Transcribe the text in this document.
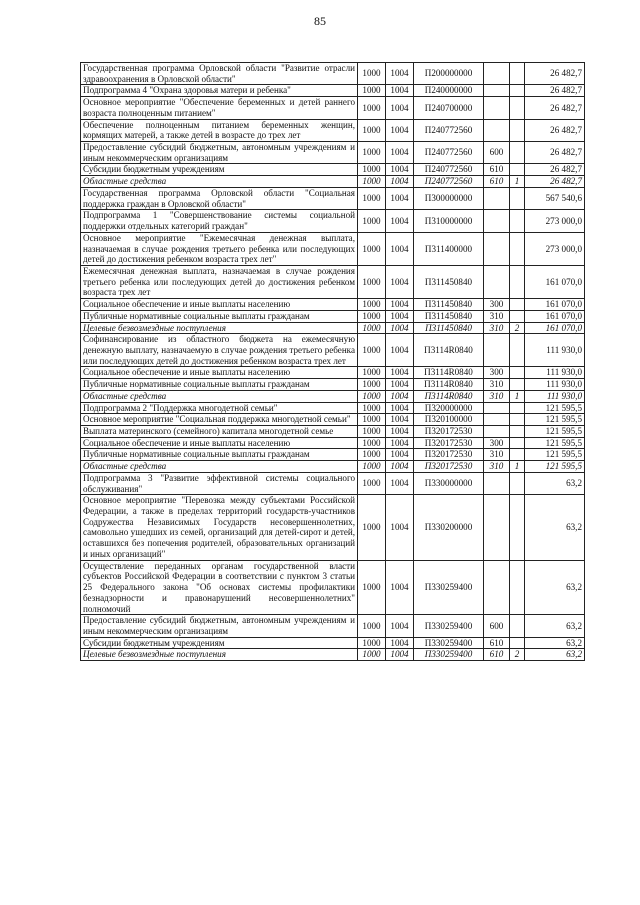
85
Государственная программа Орловской области "Развитие отрасли здравоохранения в Орловской области"	1000	1004	П200000000			26 482,7
Подпрограмма 4 "Охрана здоровья матери и ребенка"	1000	1004	П240000000			26 482,7
Основное мероприятие "Обеспечение беременных и детей раннего возраста полноценным питанием"	1000	1004	П240700000			26 482,7
Обеспечение полноценным питанием беременных женщин, кормящих матерей, а также детей в возрасте до трех лет	1000	1004	П240772560			26 482,7
Предоставление субсидий бюджетным, автономным учреждениям и иным некоммерческим организациям	1000	1004	П240772560	600		26 482,7
Субсидии бюджетным учреждениям	1000	1004	П240772560	610		26 482,7
Областные средства	1000	1004	П240772560	610	1	26 482,7
Государственная программа Орловской области "Социальная поддержка граждан в Орловской области"	1000	1004	П300000000			567 540,6
Подпрограмма 1 "Совершенствование системы социальной поддержки отдельных категорий граждан"	1000	1004	П310000000			273 000,0
Основное мероприятие "Ежемесячная денежная выплата, назначаемая в случае рождения третьего ребенка или последующих детей до достижения ребенком возраста трех лет"	1000	1004	П311400000			273 000,0
Ежемесячная денежная выплата, назначаемая в случае рождения третьего ребенка или последующих детей до достижения ребенком возраста трех лет	1000	1004	П311450840			161 070,0
Социальное обеспечение и иные выплаты населению	1000	1004	П311450840	300		161 070,0
Публичные нормативные социальные выплаты гражданам	1000	1004	П311450840	310		161 070,0
Целевые безвозмездные поступления	1000	1004	П311450840	310	2	161 070,0
Софинансирование из областного бюджета на ежемесячную денежную выплату, назначаемую в случае рождения третьего ребенка или последующих детей до достижения ребенком возраста трех лет	1000	1004	П3114R0840			111 930,0
Социальное обеспечение и иные выплаты населению	1000	1004	П3114R0840	300		111 930,0
Публичные нормативные социальные выплаты гражданам	1000	1004	П3114R0840	310		111 930,0
Областные средства	1000	1004	П3114R0840	310	1	111 930,0
Подпрограмма 2 "Поддержка многодетной семьи"	1000	1004	П320000000			121 595,5
Основное мероприятие "Социальная поддержка многодетной семьи"	1000	1004	П320100000			121 595,5
Выплата материнского (семейного) капитала многодетной семье	1000	1004	П320172530			121 595,5
Социальное обеспечение и иные выплаты населению	1000	1004	П320172530	300		121 595,5
Публичные нормативные социальные выплаты гражданам	1000	1004	П320172530	310		121 595,5
Областные средства	1000	1004	П320172530	310	1	121 595,5
Подпрограмма 3 "Развитие эффективной системы социального обслуживания"	1000	1004	П330000000			63,2
Основное мероприятие "Перевозка между субъектами Российской Федерации, а также в пределах территорий государств-участников Содружества Независимых Государств несовершеннолетних, самовольно ушедших из семей, организаций для детей-сирот и детей, оставшихся без попечения родителей, образовательных организаций и иных организаций"	1000	1004	П330200000			63,2
Осуществление переданных органам государственной власти субъектов Российской Федерации в соответствии с пунктом 3 статьи 25 Федерального закона "Об основах системы профилактики безнадзорности и правонарушений несовершеннолетних" полномочий	1000	1004	П330259400			63,2
Предоставление субсидий бюджетным, автономным учреждениям и иным некоммерческим организациям	1000	1004	П330259400	600		63,2
Субсидии бюджетным учреждениям	1000	1004	П330259400	610		63,2
Целевые безвозмездные поступления	1000	1004	П330259400	610	2	63,2
